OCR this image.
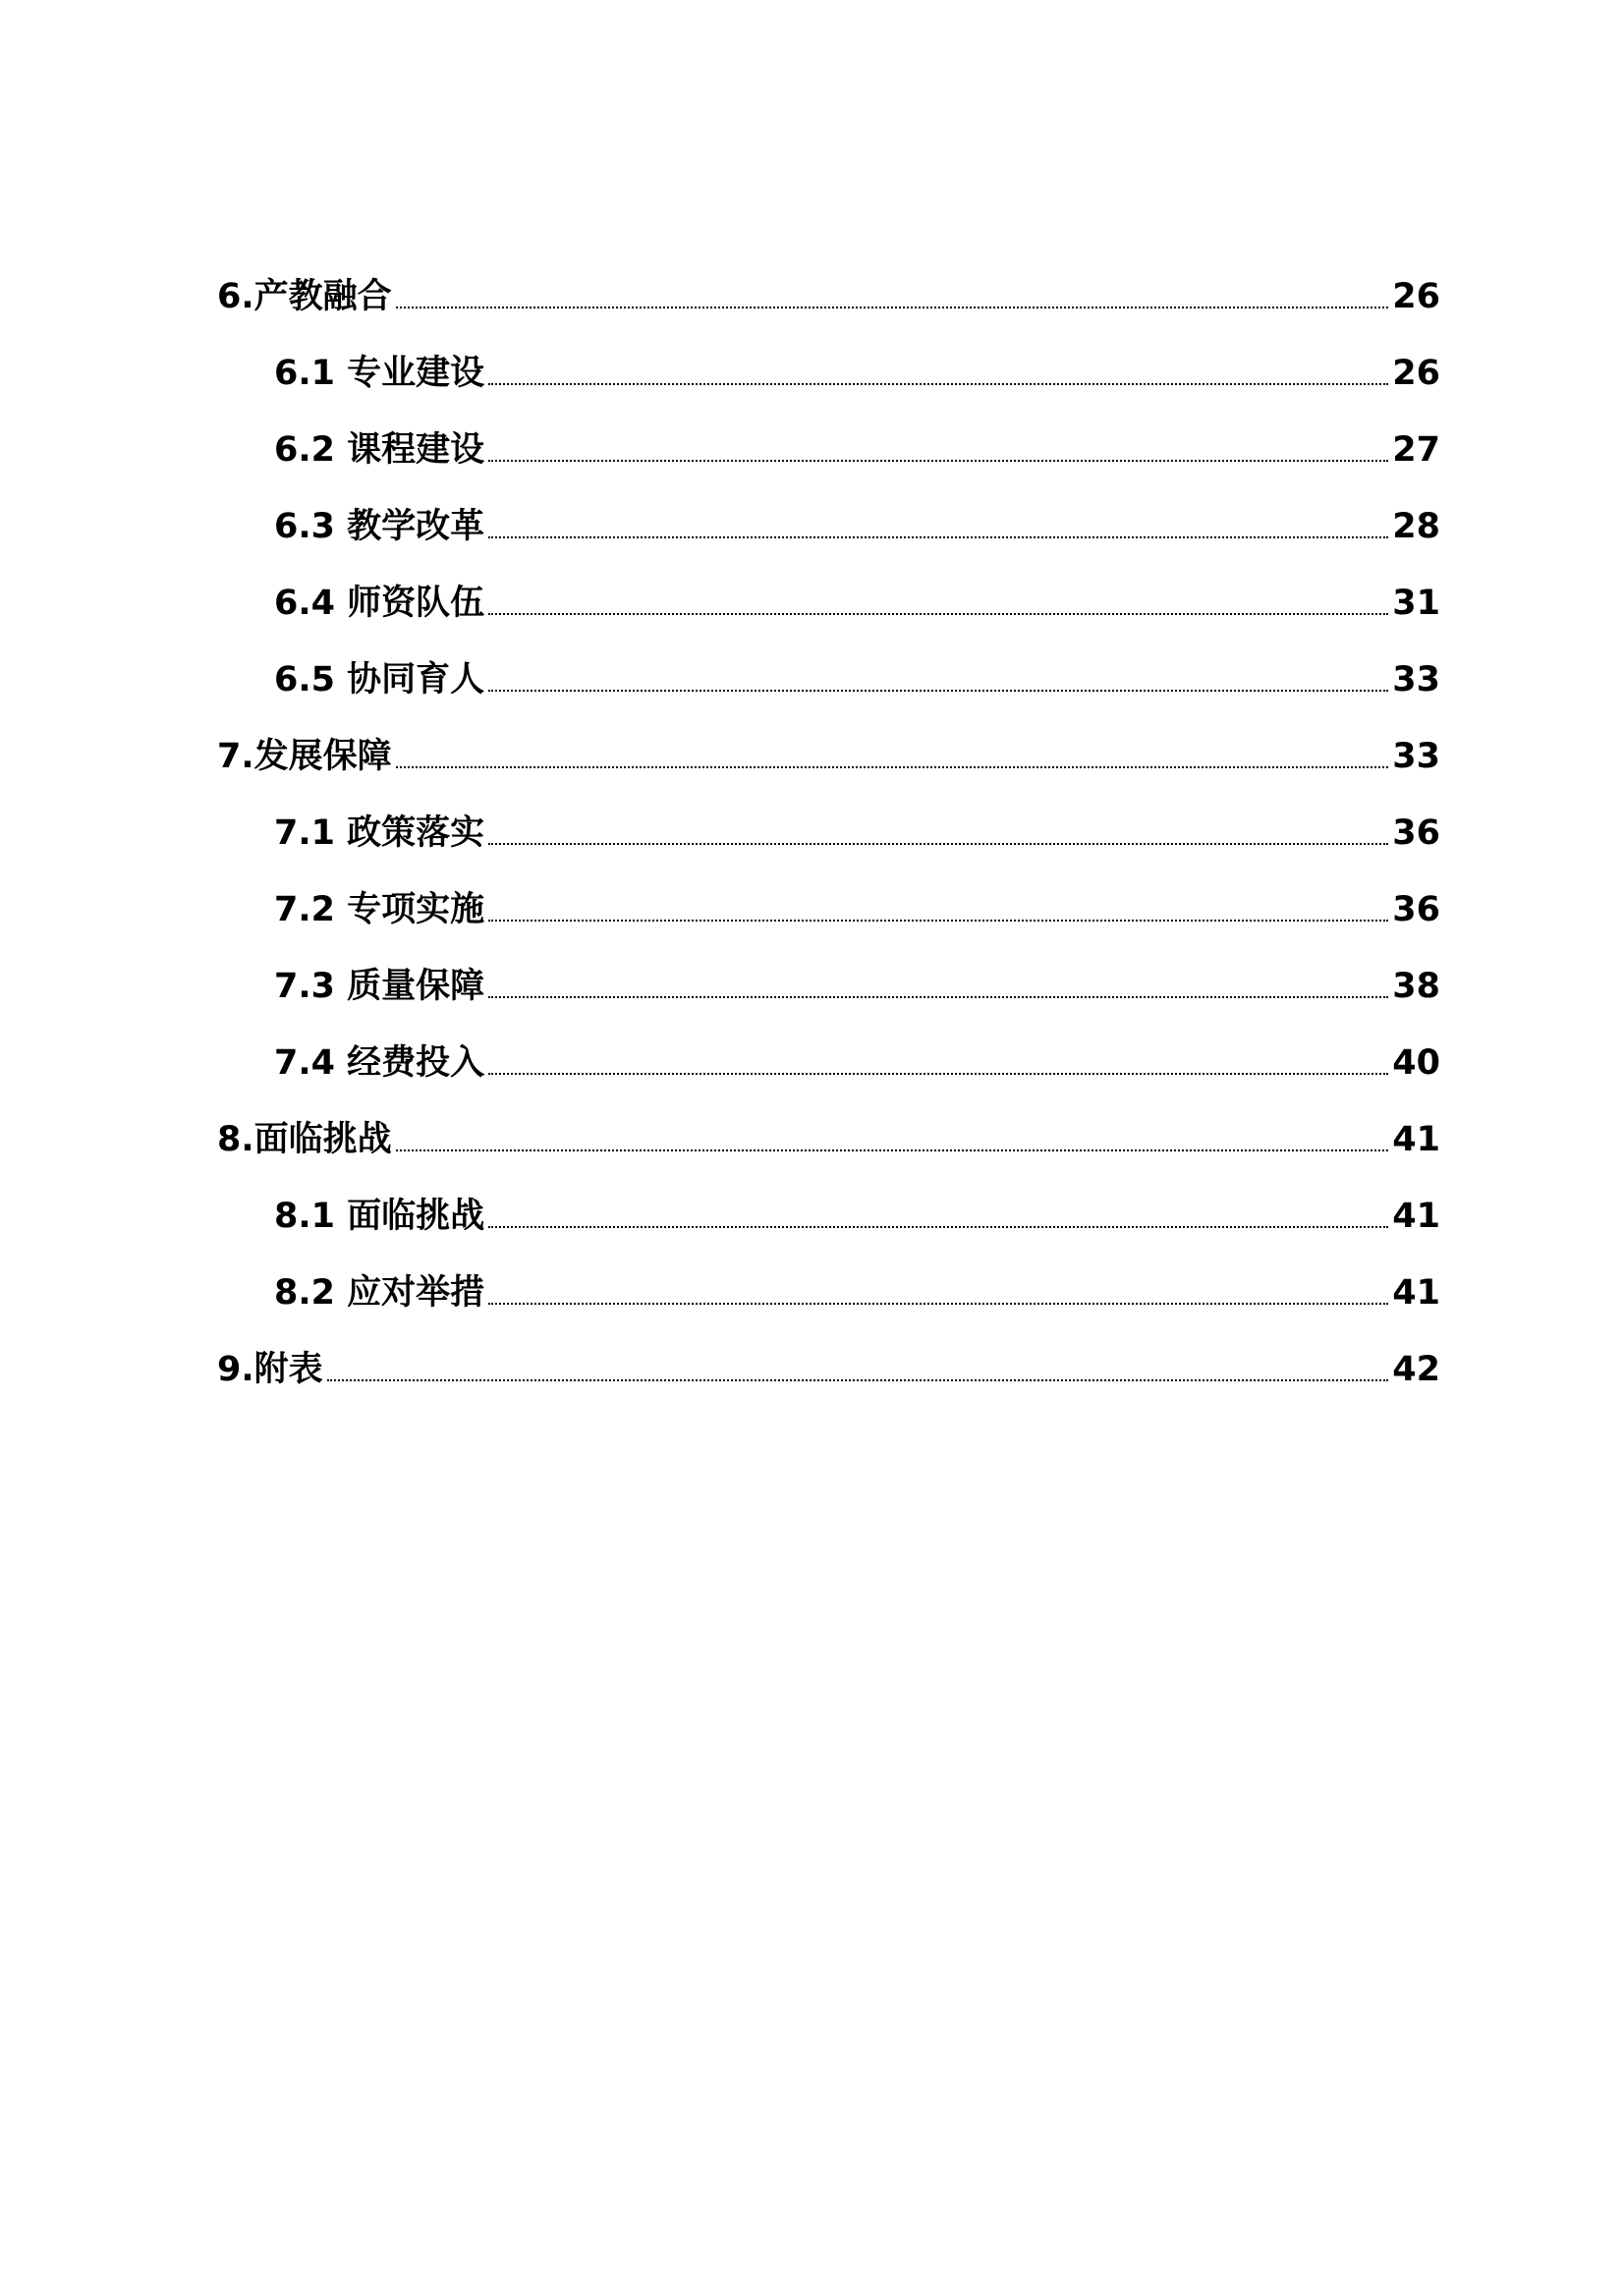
6.产教融合	26
6.1 专业建设	26
6.2 课程建设	27
6.3 教学改革	28
6.4 师资队伍	31
6.5 协同育人	33
7.发展保障	33
7.1 政策落实	36
7.2 专项实施	36
7.3 质量保障	38
7.4 经费投入	40
8.面临挑战	41
8.1 面临挑战	41
8.2 应对举措	41
9.附表	42
